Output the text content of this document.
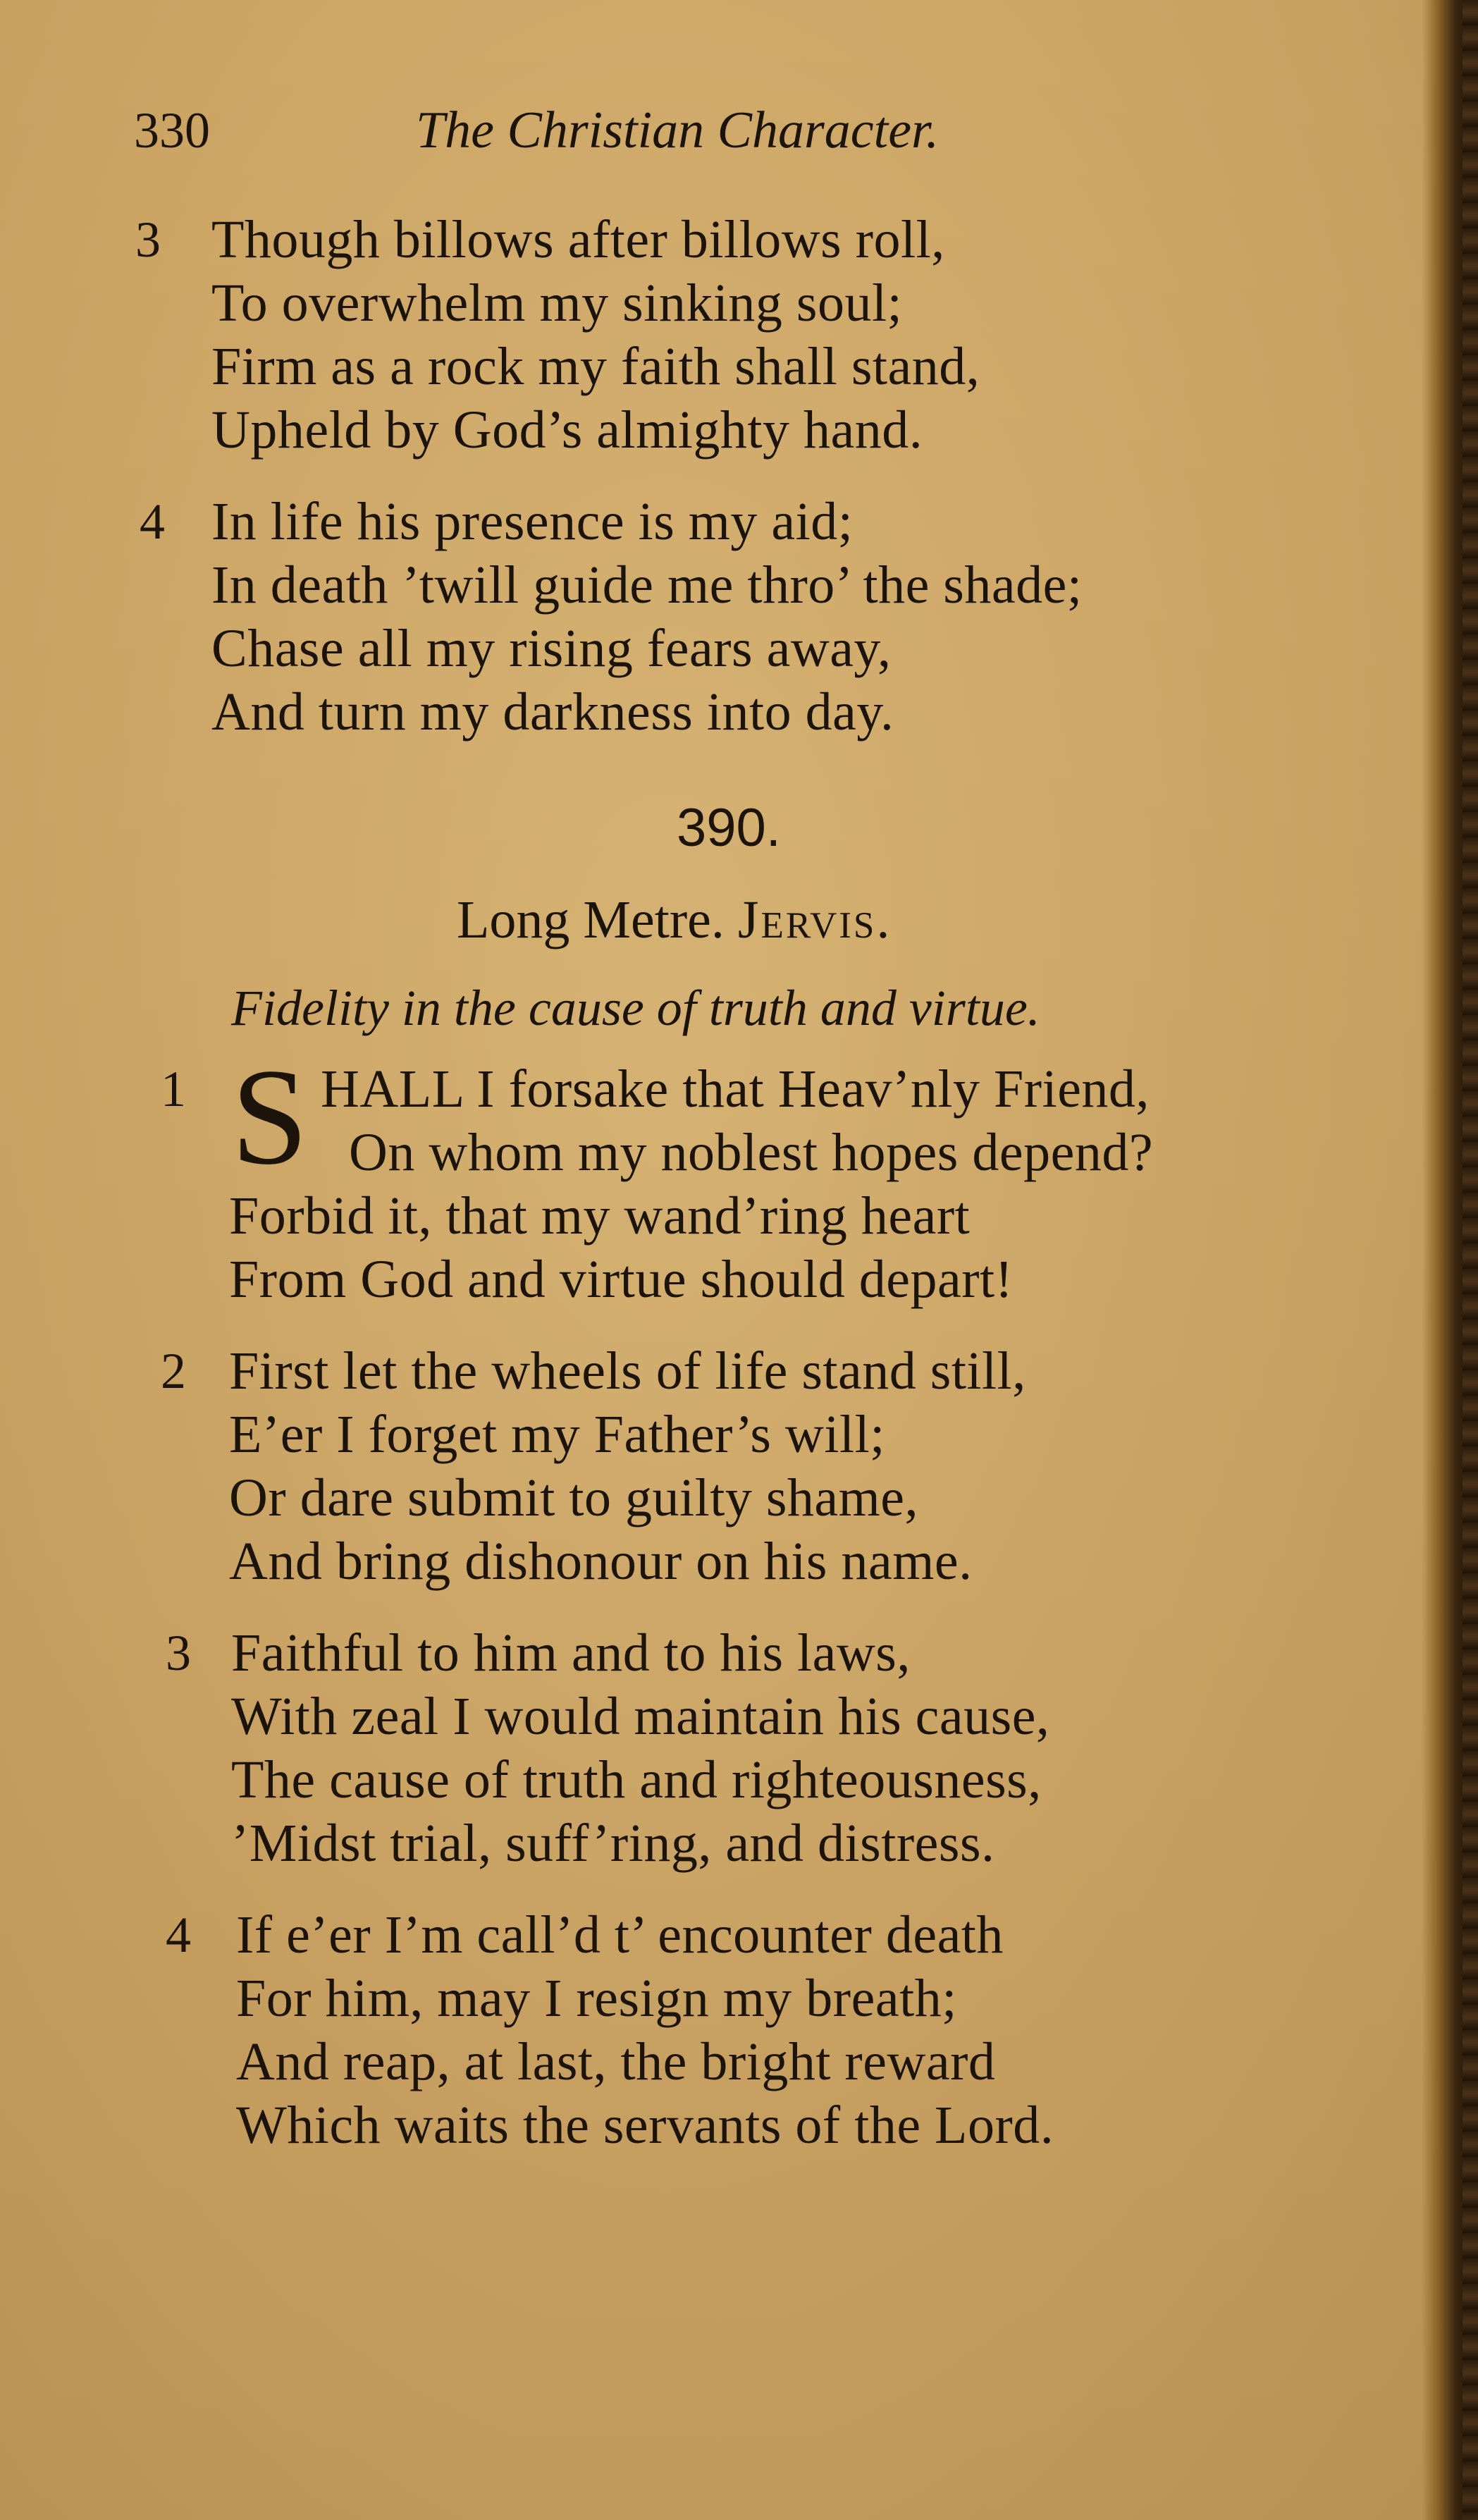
330	The Christian Character.
3 Though billows after billows roll,
To overwhelm my sinking soul;
Firm as a rock my faith shall stand,
Upheld by God’s almighty hand.
4 In life his presence is my aid;
In death ’twill guide me thro’ the shade;
Chase all my rising fears away,
And turn my darkness into day.
390.
Long Metre. Jervis.
Fidelity in the cause of truth and virtue.
1 S HALL I forsake that Heav’nly Friend,
On whom my noblest hopes depend?
Forbid it, that my wand’ring heart
From God and virtue should depart!
2 First let the wheels of life stand still,
E’er I forget my Father’s will;
Or dare submit to guilty shame,
And bring dishonour on his name.
3 Faithful to him and to his laws,
With zeal I would maintain his cause,
The cause of truth and righteousness,
’Midst trial, suff’ring, and distress.
4 If e’er I’m call’d t’ encounter death
For him, may I resign my breath;
And reap, at last, the bright reward
Which waits the servants of the Lord.
